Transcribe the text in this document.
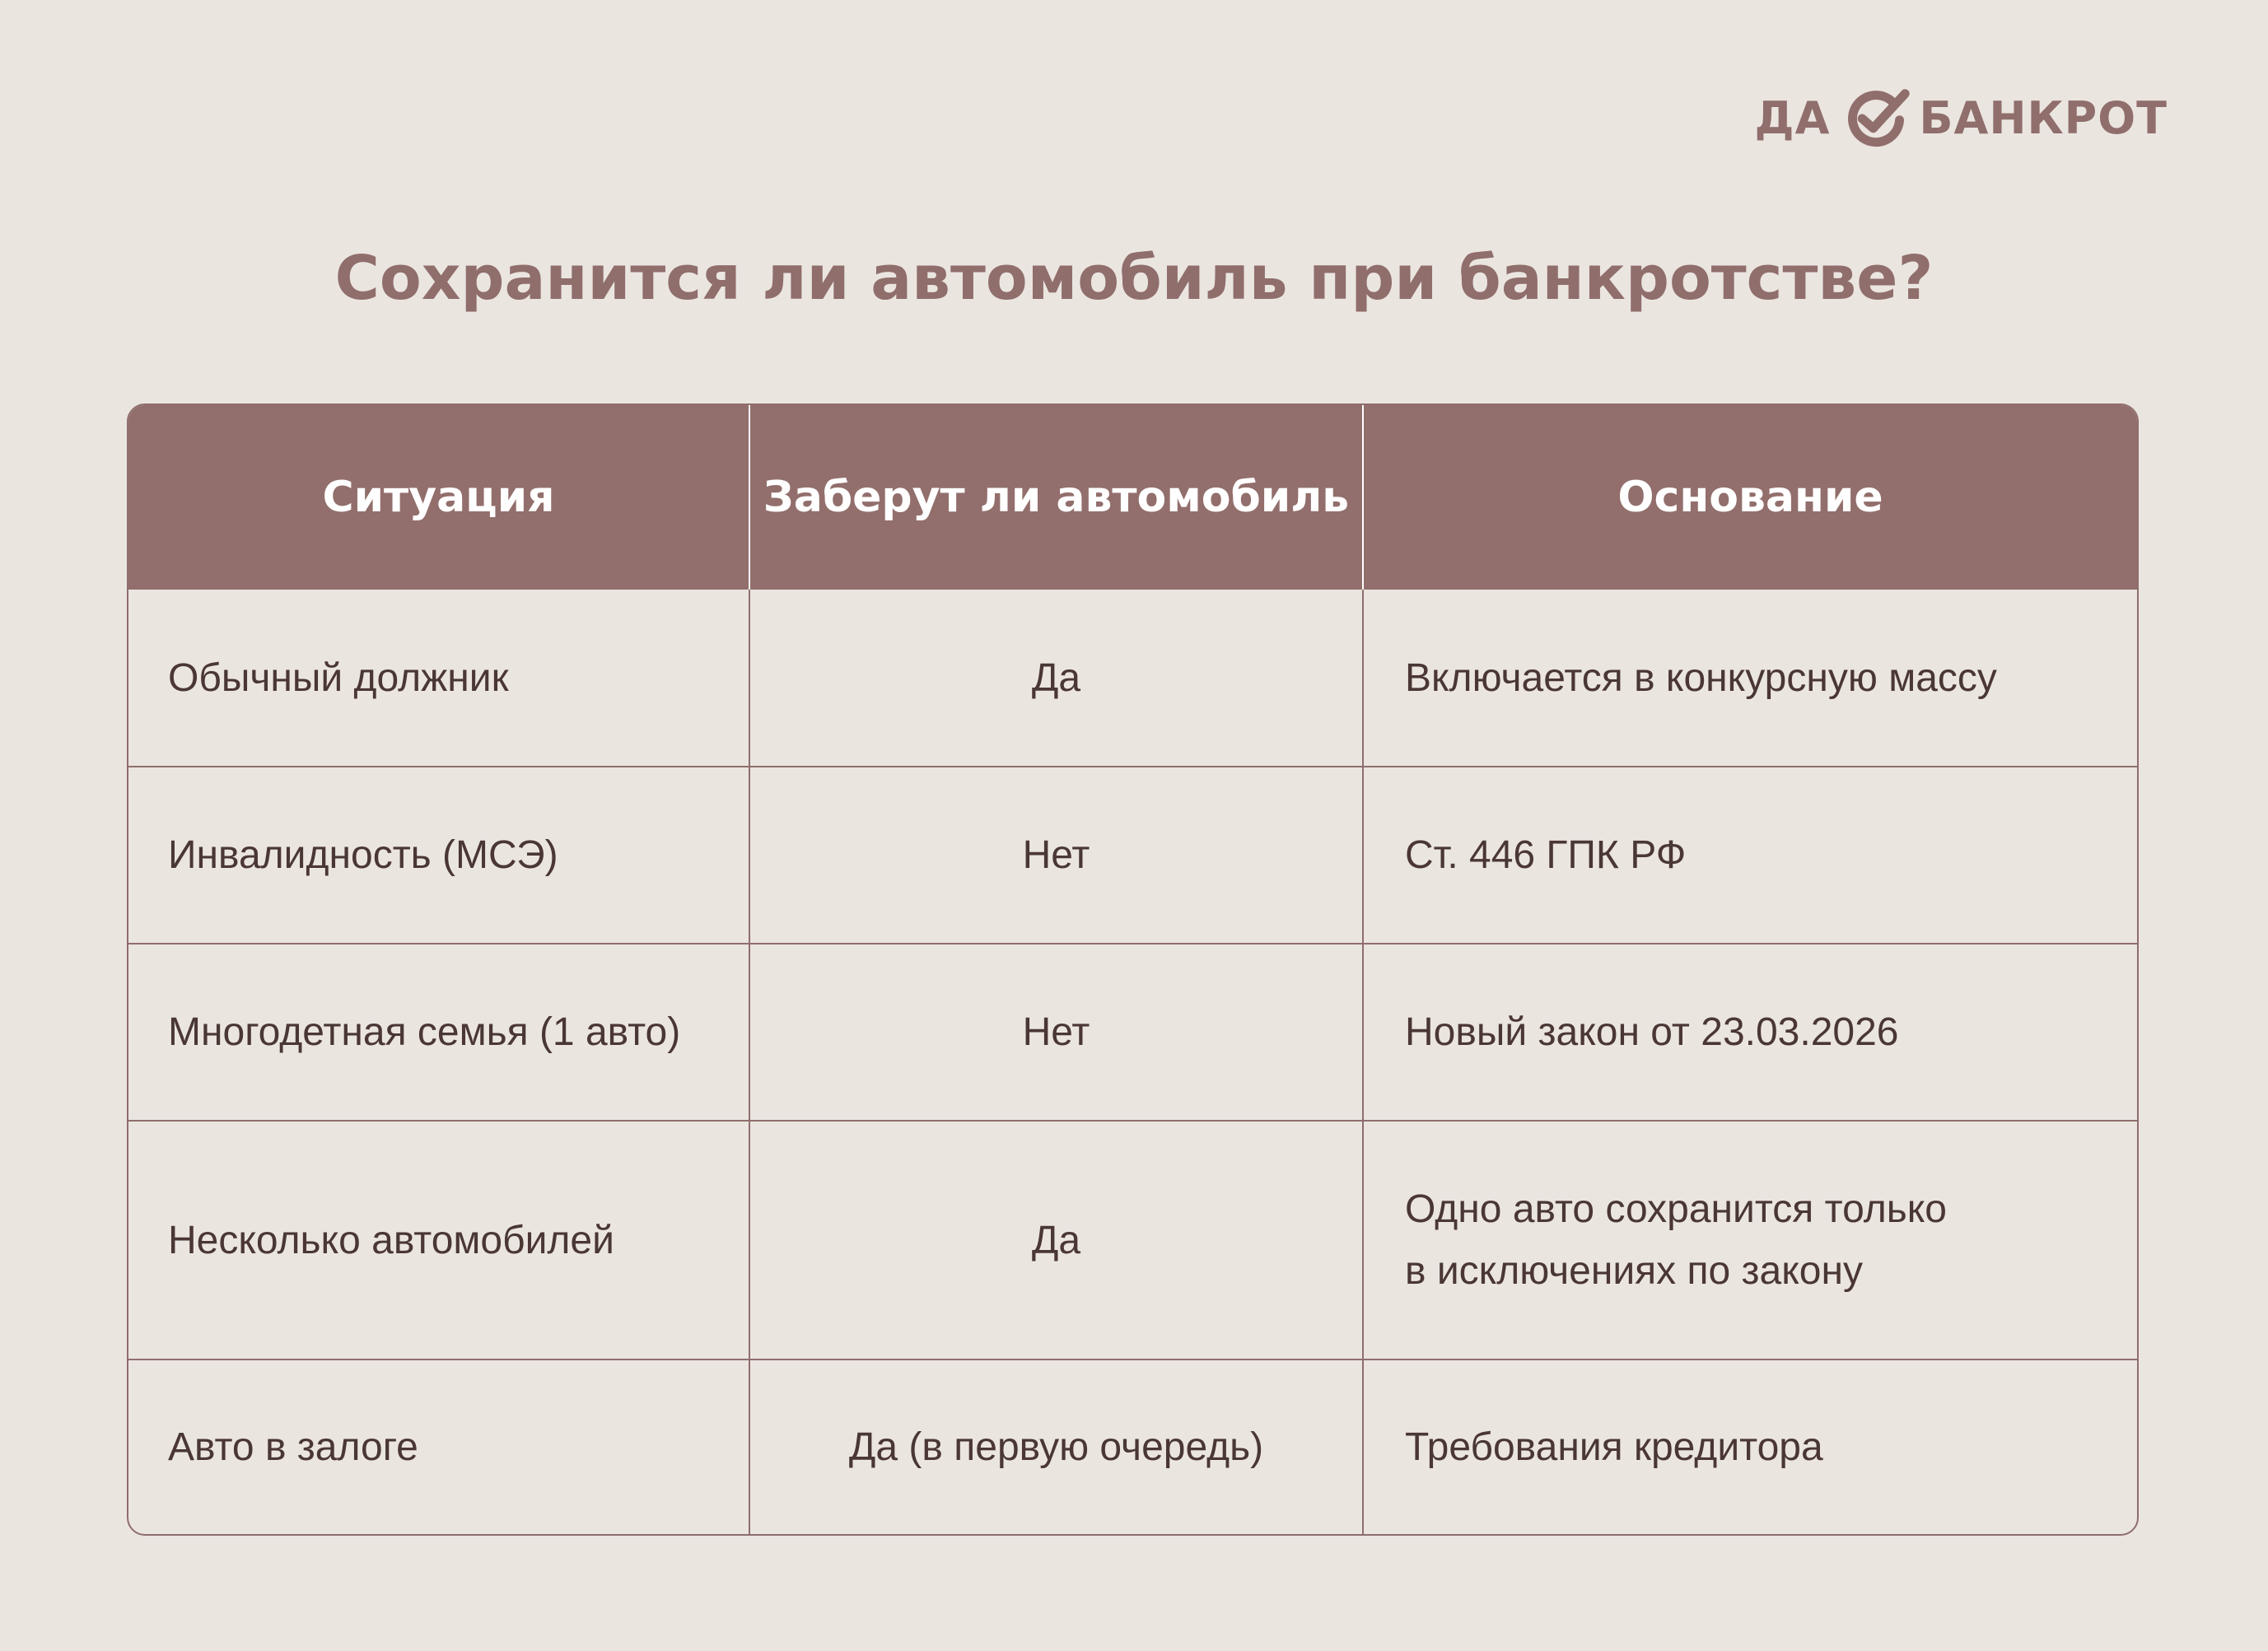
ДА БАНКРОТ
Сохранится ли автомобиль при банкротстве?
Ситуация	Заберут ли автомобиль	Основание
Обычный должник	Да	Включается в конкурсную массу

Инвалидность (МСЭ)	Нет	Ст. 446 ГПК РФ

Многодетная семья (1 авто)	Нет	Новый закон от 23.03.2026

Несколько автомобилей	Да	Одно авто сохранится только
в исключениях по закону

Авто в залоге	Да (в первую очередь)	Требования кредитора
